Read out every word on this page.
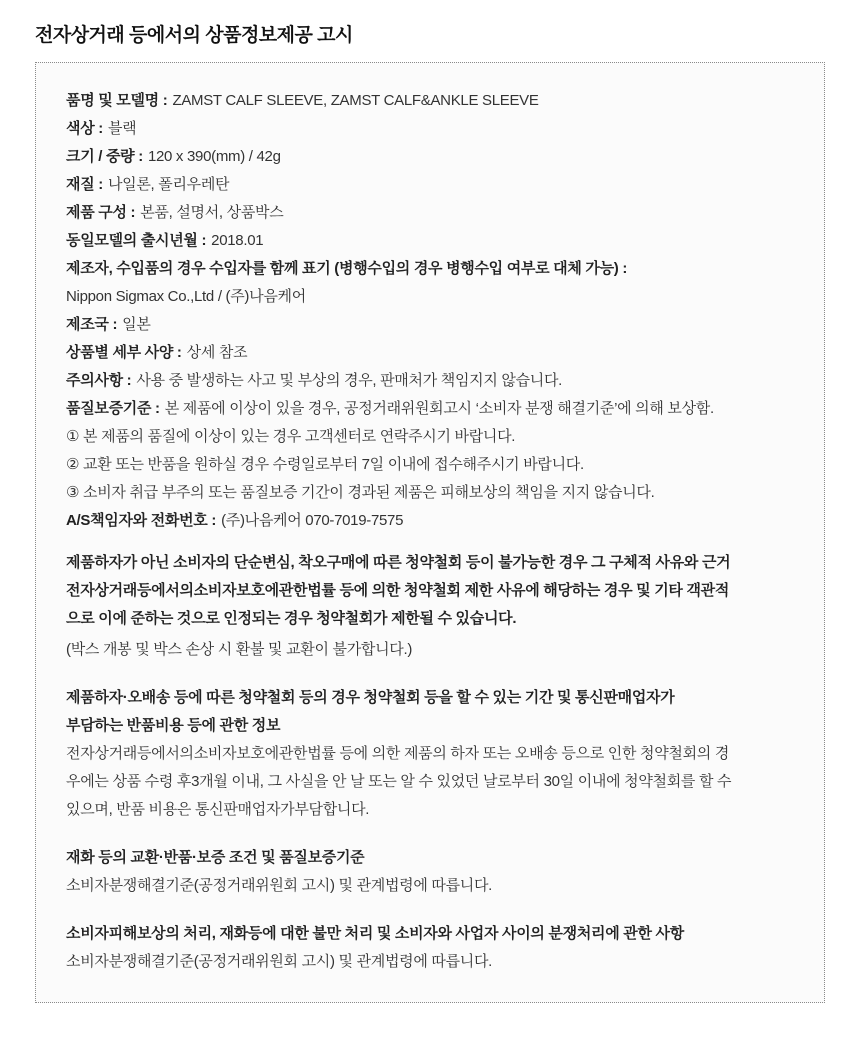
전자상거래 등에서의 상품정보제공 고시
품명 및 모델명 : ZAMST CALF SLEEVE, ZAMST CALF&ANKLE SLEEVE
색상 : 블랙
크기 / 중량 : 120 x 390(mm) / 42g
재질 : 나일론, 폴리우레탄
제품 구성 : 본품, 설명서, 상품박스
동일모델의 출시년월 : 2018.01
제조자, 수입품의 경우 수입자를 함께 표기 (병행수입의 경우 병행수입 여부로 대체 가능) :
Nippon Sigmax Co.,Ltd / (주)나음케어
제조국 : 일본
상품별 세부 사양 : 상세 참조
주의사항 : 사용 중 발생하는 사고 및 부상의 경우, 판매처가 책임지지 않습니다.
품질보증기준 : 본 제품에 이상이 있을 경우, 공정거래위원회고시 ‘소비자 분쟁 해결기준’에 의해 보상함.
① 본 제품의 품질에 이상이 있는 경우 고객센터로 연락주시기 바랍니다.
② 교환 또는 반품을 원하실 경우 수령일로부터 7일 이내에 접수해주시기 바랍니다.
③ 소비자 취급 부주의 또는 품질보증 기간이 경과된 제품은 피해보상의 책임을 지지 않습니다.
A/S책임자와 전화번호 : (주)나음케어 070-7019-7575
제품하자가 아닌 소비자의 단순변심, 착오구매에 따른 청약철회 등이 불가능한 경우 그 구체적 사유와 근거
전자상거래등에서의소비자보호에관한법률 등에 의한 청약철회 제한 사유에 해당하는 경우 및 기타 객관적
으로 이에 준하는 것으로 인정되는 경우 청약철회가 제한될 수 있습니다.
(박스 개봉 및 박스 손상 시 환불 및 교환이 불가합니다.)
제품하자·오배송 등에 따른 청약철회 등의 경우 청약철회 등을 할 수 있는 기간 및 통신판매업자가
부담하는 반품비용 등에 관한 정보
전자상거래등에서의소비자보호에관한법률 등에 의한 제품의 하자 또는 오배송 등으로 인한 청약철회의 경
우에는 상품 수령 후3개월 이내, 그 사실을 안 날 또는 알 수 있었던 날로부터 30일 이내에 청약철회를 할 수
있으며, 반품 비용은 통신판매업자가부담합니다.
재화 등의 교환·반품·보증 조건 및 품질보증기준
소비자분쟁해결기준(공정거래위원회 고시) 및 관계법령에 따릅니다.
소비자피해보상의 처리, 재화등에 대한 불만 처리 및 소비자와 사업자 사이의 분쟁처리에 관한 사항
소비자분쟁해결기준(공정거래위원회 고시) 및 관계법령에 따릅니다.
